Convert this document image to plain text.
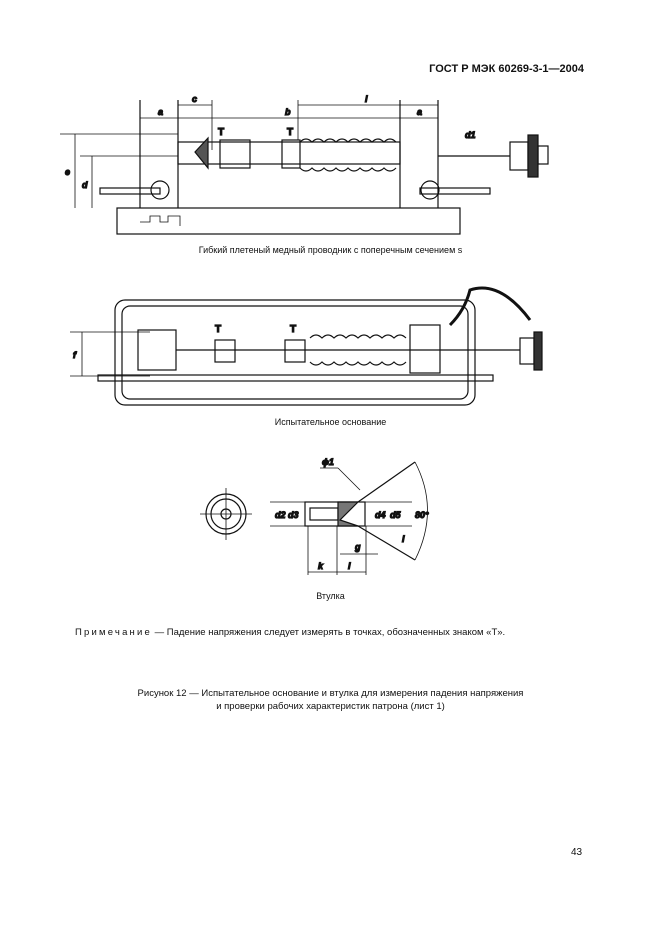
ГОСТ Р МЭК 60269-3-1—2004
a
c
b
l
a
e
d
d1
T	T
Гибкий плетеный медный проводник с поперечным сечением s
f
T	T
Испытательное основание
ϕ1
d2 d3	d4 d5 80°
i
g
k	l
Втулка
Примечание — Падение напряжения следует измерять в точках, обозначенных знаком «T».
Рисунок 12 — Испытательное основание и втулка для измерения падения напряжения
и проверки рабочих характеристик патрона (лист 1)
43
